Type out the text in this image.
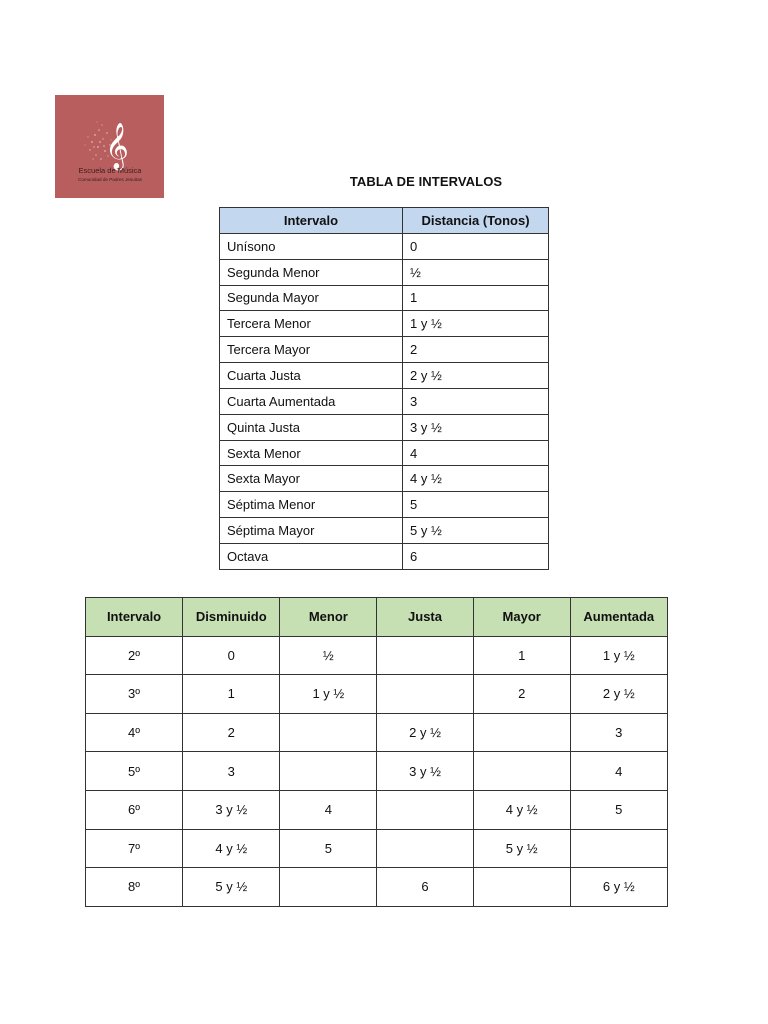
𝄞
Escuela de Música
Comunidad de Padres Jesuitas	TABLA DE INTERVALOS
Intervalo	Distancia (Tonos)
Unísono	0
Segunda Menor	½
Segunda Mayor	1
Tercera Menor	1 y ½
Tercera Mayor	2
Cuarta Justa	2 y ½
Cuarta Aumentada	3
Quinta Justa	3 y ½
Sexta Menor	4
Sexta Mayor	4 y ½
Séptima Menor	5
Séptima Mayor	5 y ½
Octava	6
Intervalo	Disminuido	Menor	Justa	Mayor	Aumentada
2º	0	½		1	1 y ½
3º	1	1 y ½		2	2 y ½
4º	2		2 y ½		3
5º	3		3 y ½		4
6º	3 y ½	4		4 y ½	5
7º	4 y ½	5		5 y ½	
8º	5 y ½		6		6 y ½
